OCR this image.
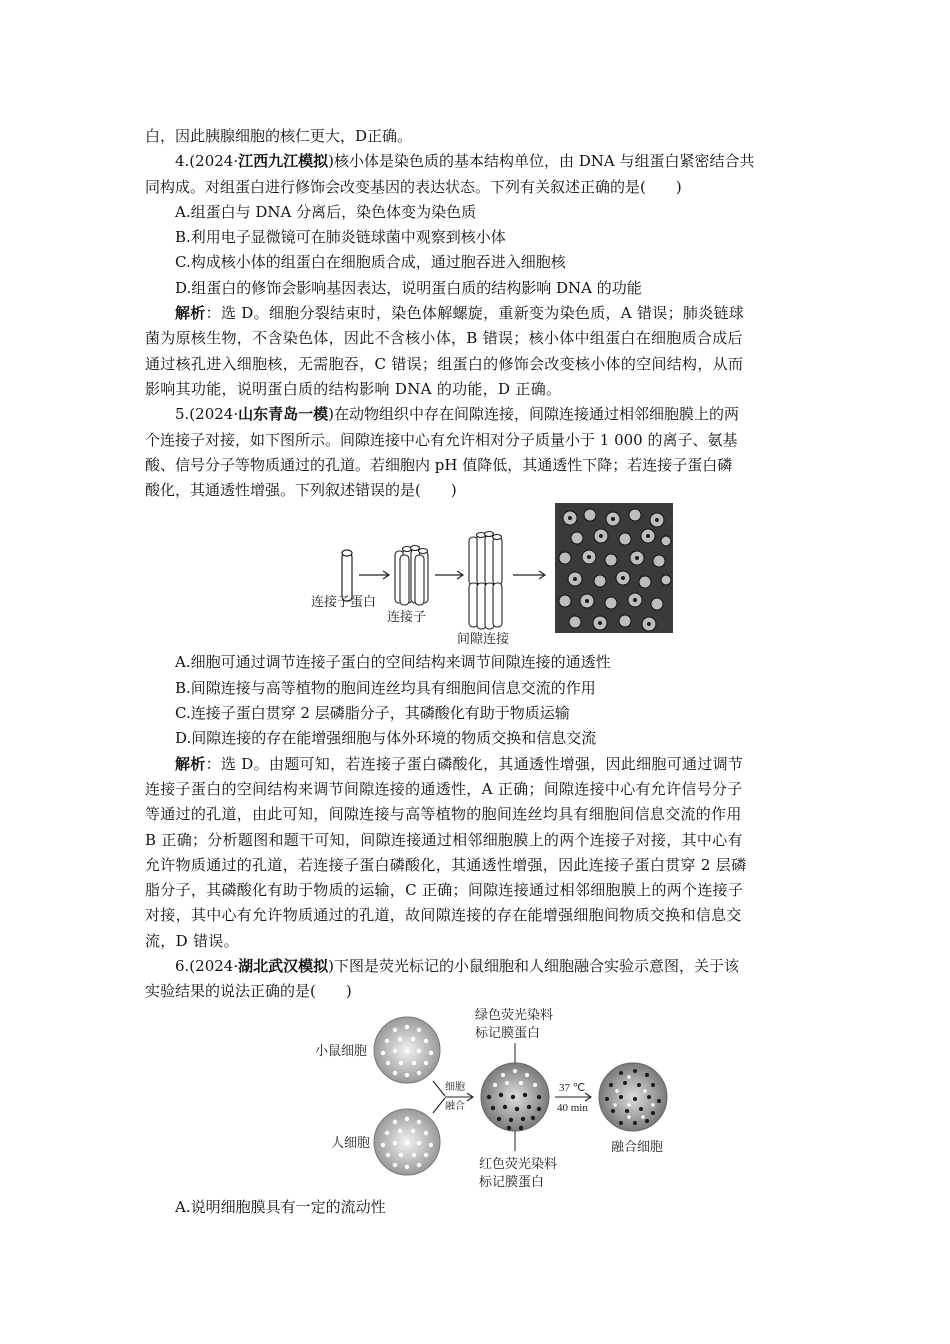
白，因此胰腺细胞的核仁更大，D正确。

4.(2024·江西九江模拟)核小体是染色质的基本结构单位，由 DNA 与组蛋白紧密结合共

同构成。对组蛋白进行修饰会改变基因的表达状态。下列有关叙述正确的是(　　)

A.组蛋白与 DNA 分离后，染色体变为染色质

B.利用电子显微镜可在肺炎链球菌中观察到核小体

C.构成核小体的组蛋白在细胞质合成，通过胞吞进入细胞核

D.组蛋白的修饰会影响基因表达，说明蛋白质的结构影响 DNA 的功能

解析：选 D。细胞分裂结束时，染色体解螺旋，重新变为染色质，A 错误；肺炎链球

菌为原核生物，不含染色体，因此不含核小体，B 错误；核小体中组蛋白在细胞质合成后

通过核孔进入细胞核，无需胞吞，C 错误；组蛋白的修饰会改变核小体的空间结构，从而

影响其功能，说明蛋白质的结构影响 DNA 的功能，D 正确。

5.(2024·山东青岛一模)在动物组织中存在间隙连接，间隙连接通过相邻细胞膜上的两

个连接子对接，如下图所示。间隙连接中心有允许相对分子质量小于 1 000 的离子、氨基

酸、信号分子等物质通过的孔道。若细胞内 pH 值降低，其通透性下降；若连接子蛋白磷

酸化，其通透性增强。下列叙述错误的是(　　)

连接子蛋白
连接子
间隙连接

A.细胞可通过调节连接子蛋白的空间结构来调节间隙连接的通透性

B.间隙连接与高等植物的胞间连丝均具有细胞间信息交流的作用

C.连接子蛋白贯穿 2 层磷脂分子，其磷酸化有助于物质运输

D.间隙连接的存在能增强细胞与体外环境的物质交换和信息交流

解析：选 D。由题可知，若连接子蛋白磷酸化，其通透性增强，因此细胞可通过调节

连接子蛋白的空间结构来调节间隙连接的通透性，A 正确；间隙连接中心有允许信号分子

等通过的孔道，由此可知，间隙连接与高等植物的胞间连丝均具有细胞间信息交流的作用

B 正确；分析题图和题干可知，间隙连接通过相邻细胞膜上的两个连接子对接，其中心有

允许物质通过的孔道，若连接子蛋白磷酸化，其通透性增强，因此连接子蛋白贯穿 2 层磷

脂分子，其磷酸化有助于物质的运输，C 正确；间隙连接通过相邻细胞膜上的两个连接子

对接，其中心有允许物质通过的孔道，故间隙连接的存在能增强细胞间物质交换和信息交

流，D 错误。

6.(2024·湖北武汉模拟)下图是荧光标记的小鼠细胞和人细胞融合实验示意图，关于该

实验结果的说法正确的是(　　)

小鼠细胞
人细胞
细胞
融合
绿色荧光染料
标记膜蛋白
红色荧光染料
标记膜蛋白
37 ℃
40 min
融合细胞

A.说明细胞膜具有一定的流动性
